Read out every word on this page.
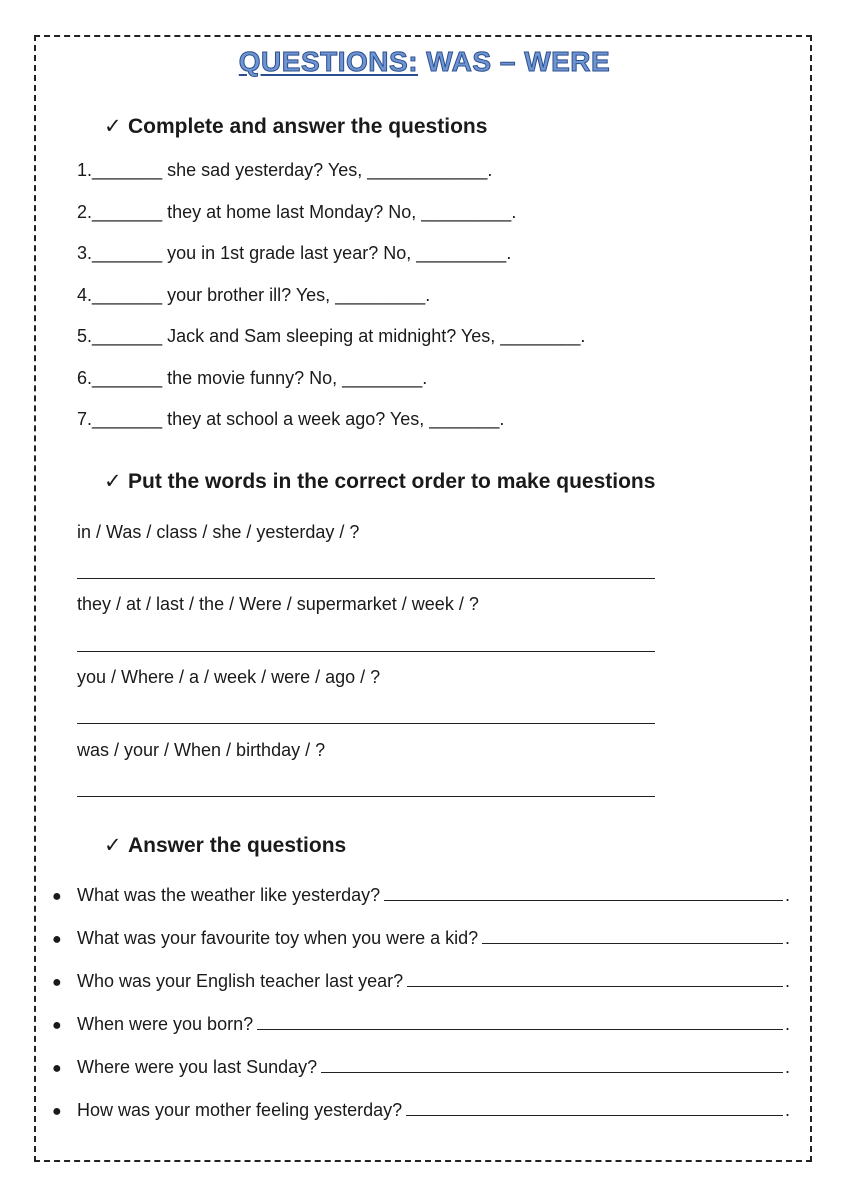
QUESTIONS: WAS – WERE
✓ Complete and answer the questions
1._______ she sad yesterday? Yes, ____________.
2._______ they at home last Monday? No, _________.
3._______ you in 1st grade last year? No, _________.
4._______ your brother ill? Yes, _________.
5._______ Jack and Sam sleeping at midnight? Yes, ________.
6._______ the movie funny? No, ________.
7._______ they at school a week ago? Yes, _______.
✓ Put the words in the correct order to make questions
in / Was / class / she / yesterday / ?
they / at / last / the / Were / supermarket / week / ?
you / Where / a / week / were / ago / ?
was / your / When / birthday / ?
✓ Answer the questions
● What was the weather like yesterday?	.
● What was your favourite toy when you were a kid?	.
● Who was your English teacher last year?	.
● When were you born?	.
● Where were you last Sunday?	.
● How was your mother feeling yesterday?	.
